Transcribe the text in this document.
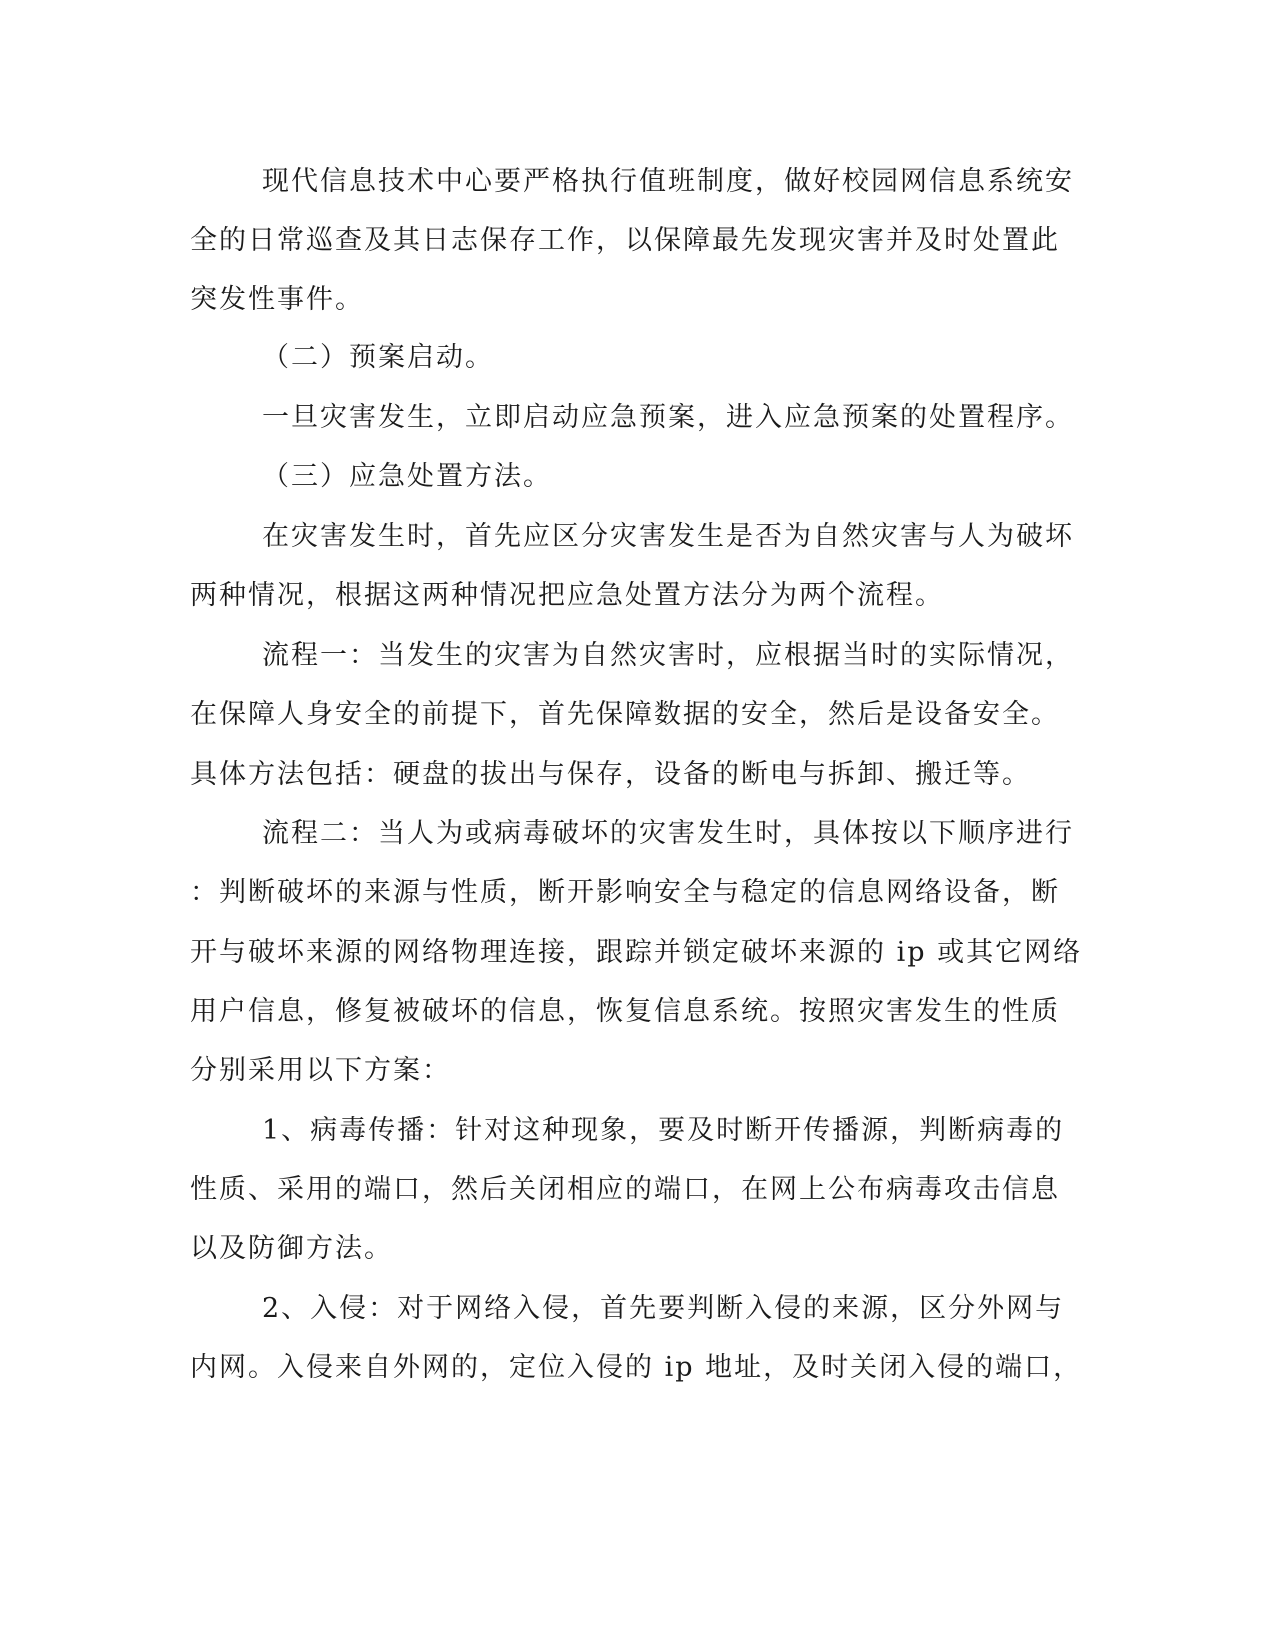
现代信息技术中心要严格执行值班制度，做好校园网信息系统安
全的日常巡查及其日志保存工作，以保障最先发现灾害并及时处置此
突发性事件。
（二）预案启动。
一旦灾害发生，立即启动应急预案，进入应急预案的处置程序。
（三）应急处置方法。
在灾害发生时，首先应区分灾害发生是否为自然灾害与人为破坏
两种情况，根据这两种情况把应急处置方法分为两个流程。
流程一：当发生的灾害为自然灾害时，应根据当时的实际情况，
在保障人身安全的前提下，首先保障数据的安全，然后是设备安全。
具体方法包括：硬盘的拔出与保存，设备的断电与拆卸、搬迁等。
流程二：当人为或病毒破坏的灾害发生时，具体按以下顺序进行
：判断破坏的来源与性质，断开影响安全与稳定的信息网络设备，断
开与破坏来源的网络物理连接，跟踪并锁定破坏来源的 ip 或其它网络
用户信息，修复被破坏的信息，恢复信息系统。按照灾害发生的性质
分别采用以下方案：
1、病毒传播：针对这种现象，要及时断开传播源，判断病毒的
性质、采用的端口，然后关闭相应的端口，在网上公布病毒攻击信息
以及防御方法。
2、入侵：对于网络入侵，首先要判断入侵的来源，区分外网与
内网。入侵来自外网的，定位入侵的 ip 地址，及时关闭入侵的端口，
